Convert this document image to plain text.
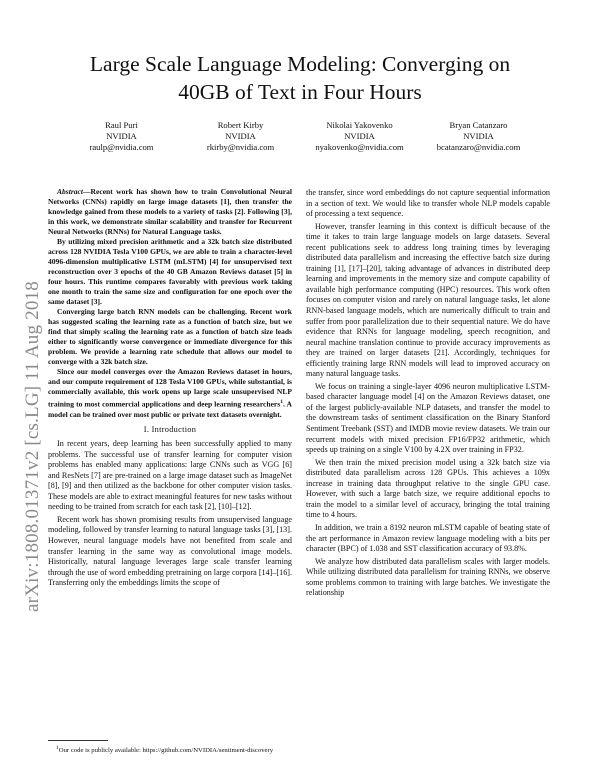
arXiv:1808.01371v2 [cs.LG] 11 Aug 2018
Large Scale Language Modeling: Converging on
40GB of Text in Four Hours
Raul Puri
NVIDIA
raulp@nvidia.com
Robert Kirby
NVIDIA
rkirby@nvidia.com
Nikolai Yakovenko
NVIDIA
nyakovenko@nvidia.com
Bryan Catanzaro
NVIDIA
bcatanzaro@nvidia.com

Abstract—Recent work has shown how to train Convolutional Neural Networks (CNNs) rapidly on large image datasets [1], then transfer the knowledge gained from these models to a variety of tasks [2]. Following [3], in this work, we demonstrate similar scalability and transfer for Recurrent Neural Networks (RNNs) for Natural Language tasks.

By utilizing mixed precision arithmetic and a 32k batch size distributed across 128 NVIDIA Tesla V100 GPUs, we are able to train a character-level 4096-dimension multiplicative LSTM (mLSTM) [4] for unsupervised text reconstruction over 3 epochs of the 40 GB Amazon Reviews dataset [5] in four hours. This runtime compares favorably with previous work taking one month to train the same size and configuration for one epoch over the same dataset [3].

Converging large batch RNN models can be challenging. Recent work has suggested scaling the learning rate as a function of batch size, but we find that simply scaling the learning rate as a function of batch size leads either to significantly worse convergence or immediate divergence for this problem. We provide a learning rate schedule that allows our model to converge with a 32k batch size.

Since our model converges over the Amazon Reviews dataset in hours, and our compute requirement of 128 Tesla V100 GPUs, while substantial, is commercially available, this work opens up large scale unsupervised NLP training to most commercial applications and deep learning researchers$^1$. A model can be trained over most public or private text datasets overnight.

I. Introduction

In recent years, deep learning has been successfully applied to many problems. The successful use of transfer learning for computer vision problems has enabled many applications: large CNNs such as VGG [6] and ResNets [7] are pre-trained on a large image dataset such as ImageNet [8], [9] and then utilized as the backbone for other computer vision tasks. These models are able to extract meaningful features for new tasks without needing to be trained from scratch for each task [2], [10]–[12].

Recent work has shown promising results from unsupervised language modeling, followed by transfer learning to natural language tasks [3], [13]. However, neural language models have not benefited from scale and transfer learning in the same way as convolutional image models. Historically, natural language leverages large scale transfer learning through the use of word embedding pretraining on large corpora [14]–[16]. Transferring only the embeddings limits the scope of

the transfer, since word embeddings do not capture sequential information in a section of text. We would like to transfer whole NLP models capable of processing a text sequence.

However, transfer learning in this context is difficult because of the time it takes to train large language models on large datasets. Several recent publications seek to address long training times by leveraging distributed data parallelism and increasing the effective batch size during training [1], [17]–[20], taking advantage of advances in distributed deep learning and improvements in the memory size and compute capability of available high performance computing (HPC) resources. This work often focuses on computer vision and rarely on natural language tasks, let alone RNN-based language models, which are numerically difficult to train and suffer from poor parallelization due to their sequential nature. We do have evidence that RNNs for language modeling, speech recognition, and neural machine translation continue to provide accuracy improvements as they are trained on larger datasets [21]. Accordingly, techniques for efficiently training large RNN models will lead to improved accuracy on many natural language tasks.

We focus on training a single-layer 4096 neuron multiplicative LSTM-based character language model [4] on the Amazon Reviews dataset, one of the largest publicly-available NLP datasets, and transfer the model to the downstream tasks of sentiment classification on the Binary Stanford Sentiment Treebank (SST) and IMDB movie review datasets. We train our recurrent models with mixed precision FP16/FP32 arithmetic, which speeds up training on a single V100 by 4.2X over training in FP32.

We then train the mixed precision model using a 32k batch size via distributed data parallelism across 128 GPUs. This achieves a 109x increase in training data throughput relative to the single GPU case. However, with such a large batch size, we require additional epochs to train the model to a similar level of accuracy, bringing the total training time to 4 hours.

In addition, we train a 8192 neuron mLSTM capable of beating state of the art performance in Amazon review language modeling with a bits per character (BPC) of 1.038 and SST classification accuracy of 93.8%.

We analyze how distributed data parallelism scales with larger models. While utilizing distributed data parallelism for training RNNs, we observe some problems common to training with large batches. We investigate the relationship

$^1$Our code is publicly available: https://github.com/NVIDIA/sentiment-discovery
